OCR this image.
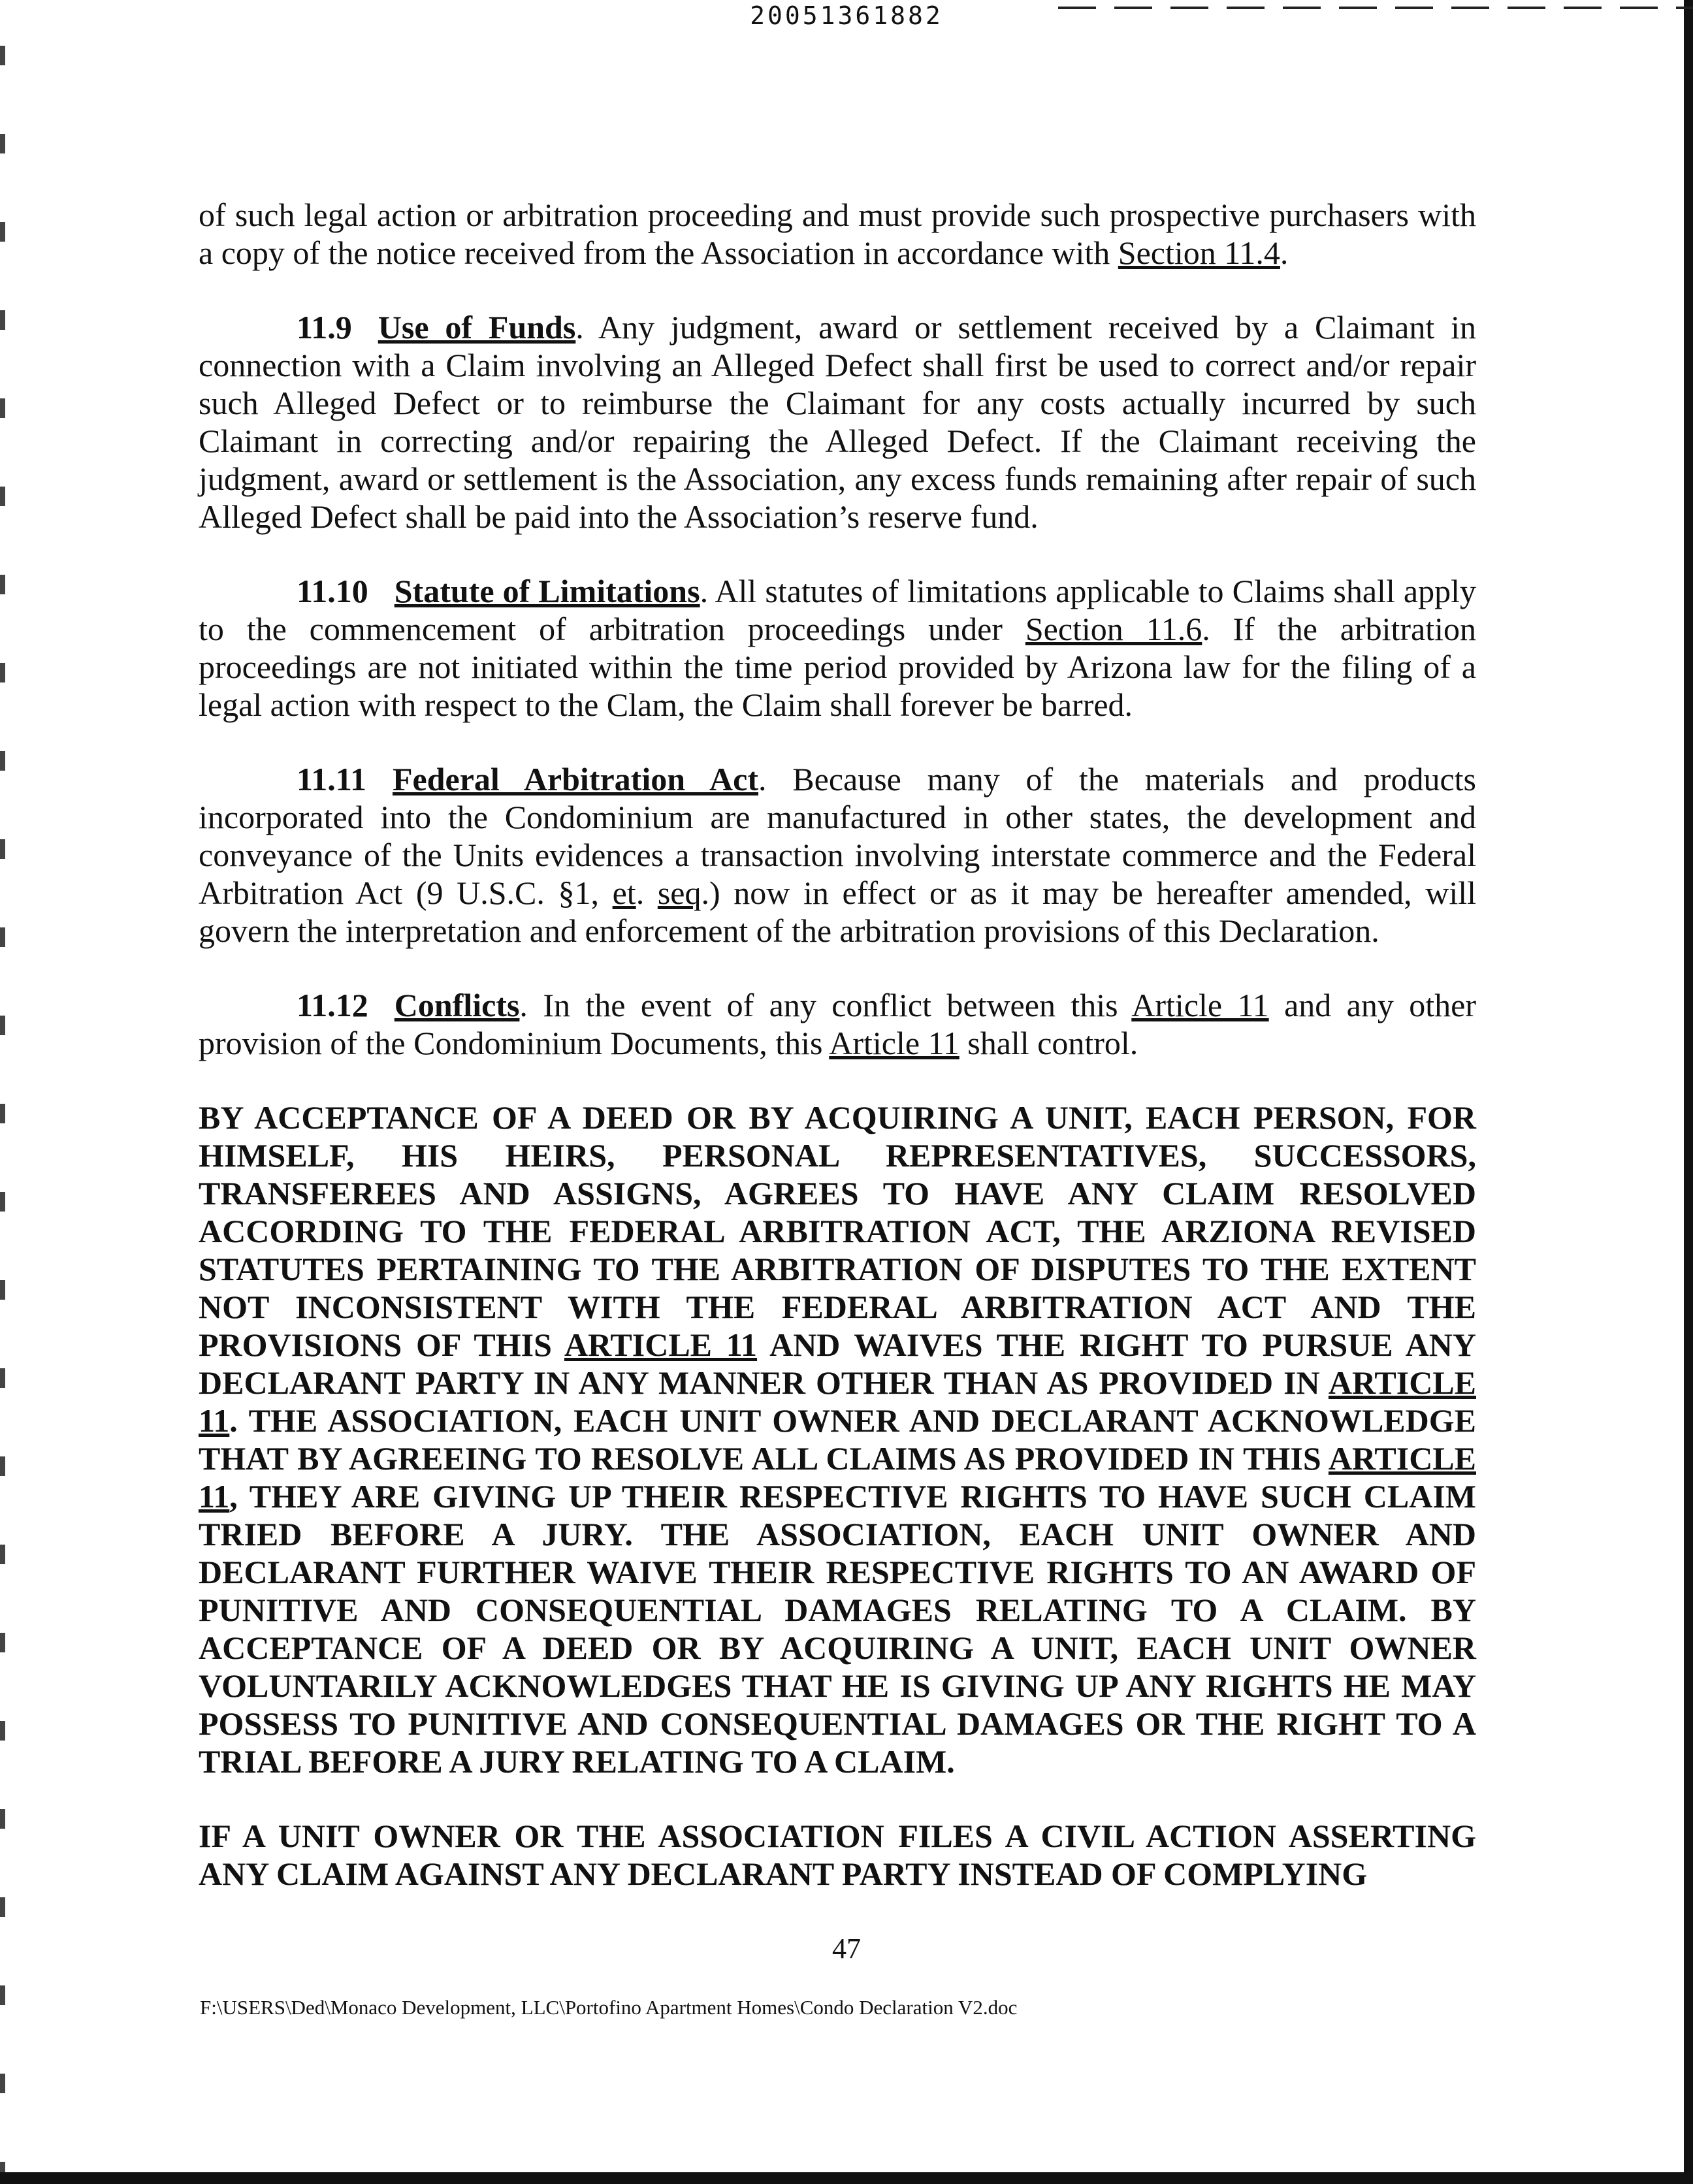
20051361882

of such legal action or arbitration proceeding and must provide such prospective purchasers with a copy of the notice received from the Association in accordance with Section 11.4.

11.9 Use of Funds. Any judgment, award or settlement received by a Claimant in connection with a Claim involving an Alleged Defect shall first be used to correct and/or repair such Alleged Defect or to reimburse the Claimant for any costs actually incurred by such Claimant in correcting and/or repairing the Alleged Defect. If the Claimant receiving the judgment, award or settlement is the Association, any excess funds remaining after repair of such Alleged Defect shall be paid into the Association’s reserve fund.

11.10 Statute of Limitations. All statutes of limitations applicable to Claims shall apply to the commencement of arbitration proceedings under Section 11.6. If the arbitration proceedings are not initiated within the time period provided by Arizona law for the filing of a legal action with respect to the Clam, the Claim shall forever be barred.

11.11 Federal Arbitration Act. Because many of the materials and products incorporated into the Condominium are manufactured in other states, the development and conveyance of the Units evidences a transaction involving interstate commerce and the Federal Arbitration Act (9 U.S.C. §1, et. seq.) now in effect or as it may be hereafter amended, will govern the interpretation and enforcement of the arbitration provisions of this Declaration.

11.12 Conflicts. In the event of any conflict between this Article 11 and any other provision of the Condominium Documents, this Article 11 shall control.

BY ACCEPTANCE OF A DEED OR BY ACQUIRING A UNIT, EACH PERSON, FOR HIMSELF, HIS HEIRS, PERSONAL REPRESENTATIVES, SUCCESSORS, TRANSFEREES AND ASSIGNS, AGREES TO HAVE ANY CLAIM RESOLVED ACCORDING TO THE FEDERAL ARBITRATION ACT, THE ARZIONA REVISED STATUTES PERTAINING TO THE ARBITRATION OF DISPUTES TO THE EXTENT NOT INCONSISTENT WITH THE FEDERAL ARBITRATION ACT AND THE PROVISIONS OF THIS ARTICLE 11 AND WAIVES THE RIGHT TO PURSUE ANY DECLARANT PARTY IN ANY MANNER OTHER THAN AS PROVIDED IN ARTICLE 11. THE ASSOCIATION, EACH UNIT OWNER AND DECLARANT ACKNOWLEDGE THAT BY AGREEING TO RESOLVE ALL CLAIMS AS PROVIDED IN THIS ARTICLE 11, THEY ARE GIVING UP THEIR RESPECTIVE RIGHTS TO HAVE SUCH CLAIM TRIED BEFORE A JURY. THE ASSOCIATION, EACH UNIT OWNER AND DECLARANT FURTHER WAIVE THEIR RESPECTIVE RIGHTS TO AN AWARD OF PUNITIVE AND CONSEQUENTIAL DAMAGES RELATING TO A CLAIM. BY ACCEPTANCE OF A DEED OR BY ACQUIRING A UNIT, EACH UNIT OWNER VOLUNTARILY ACKNOWLEDGES THAT HE IS GIVING UP ANY RIGHTS HE MAY POSSESS TO PUNITIVE AND CONSEQUENTIAL DAMAGES OR THE RIGHT TO A TRIAL BEFORE A JURY RELATING TO A CLAIM.

IF A UNIT OWNER OR THE ASSOCIATION FILES A CIVIL ACTION ASSERTING ANY CLAIM AGAINST ANY DECLARANT PARTY INSTEAD OF COMPLYING

47
F:\USERS\Ded\Monaco Development, LLC\Portofino Apartment Homes\Condo Declaration V2.doc
